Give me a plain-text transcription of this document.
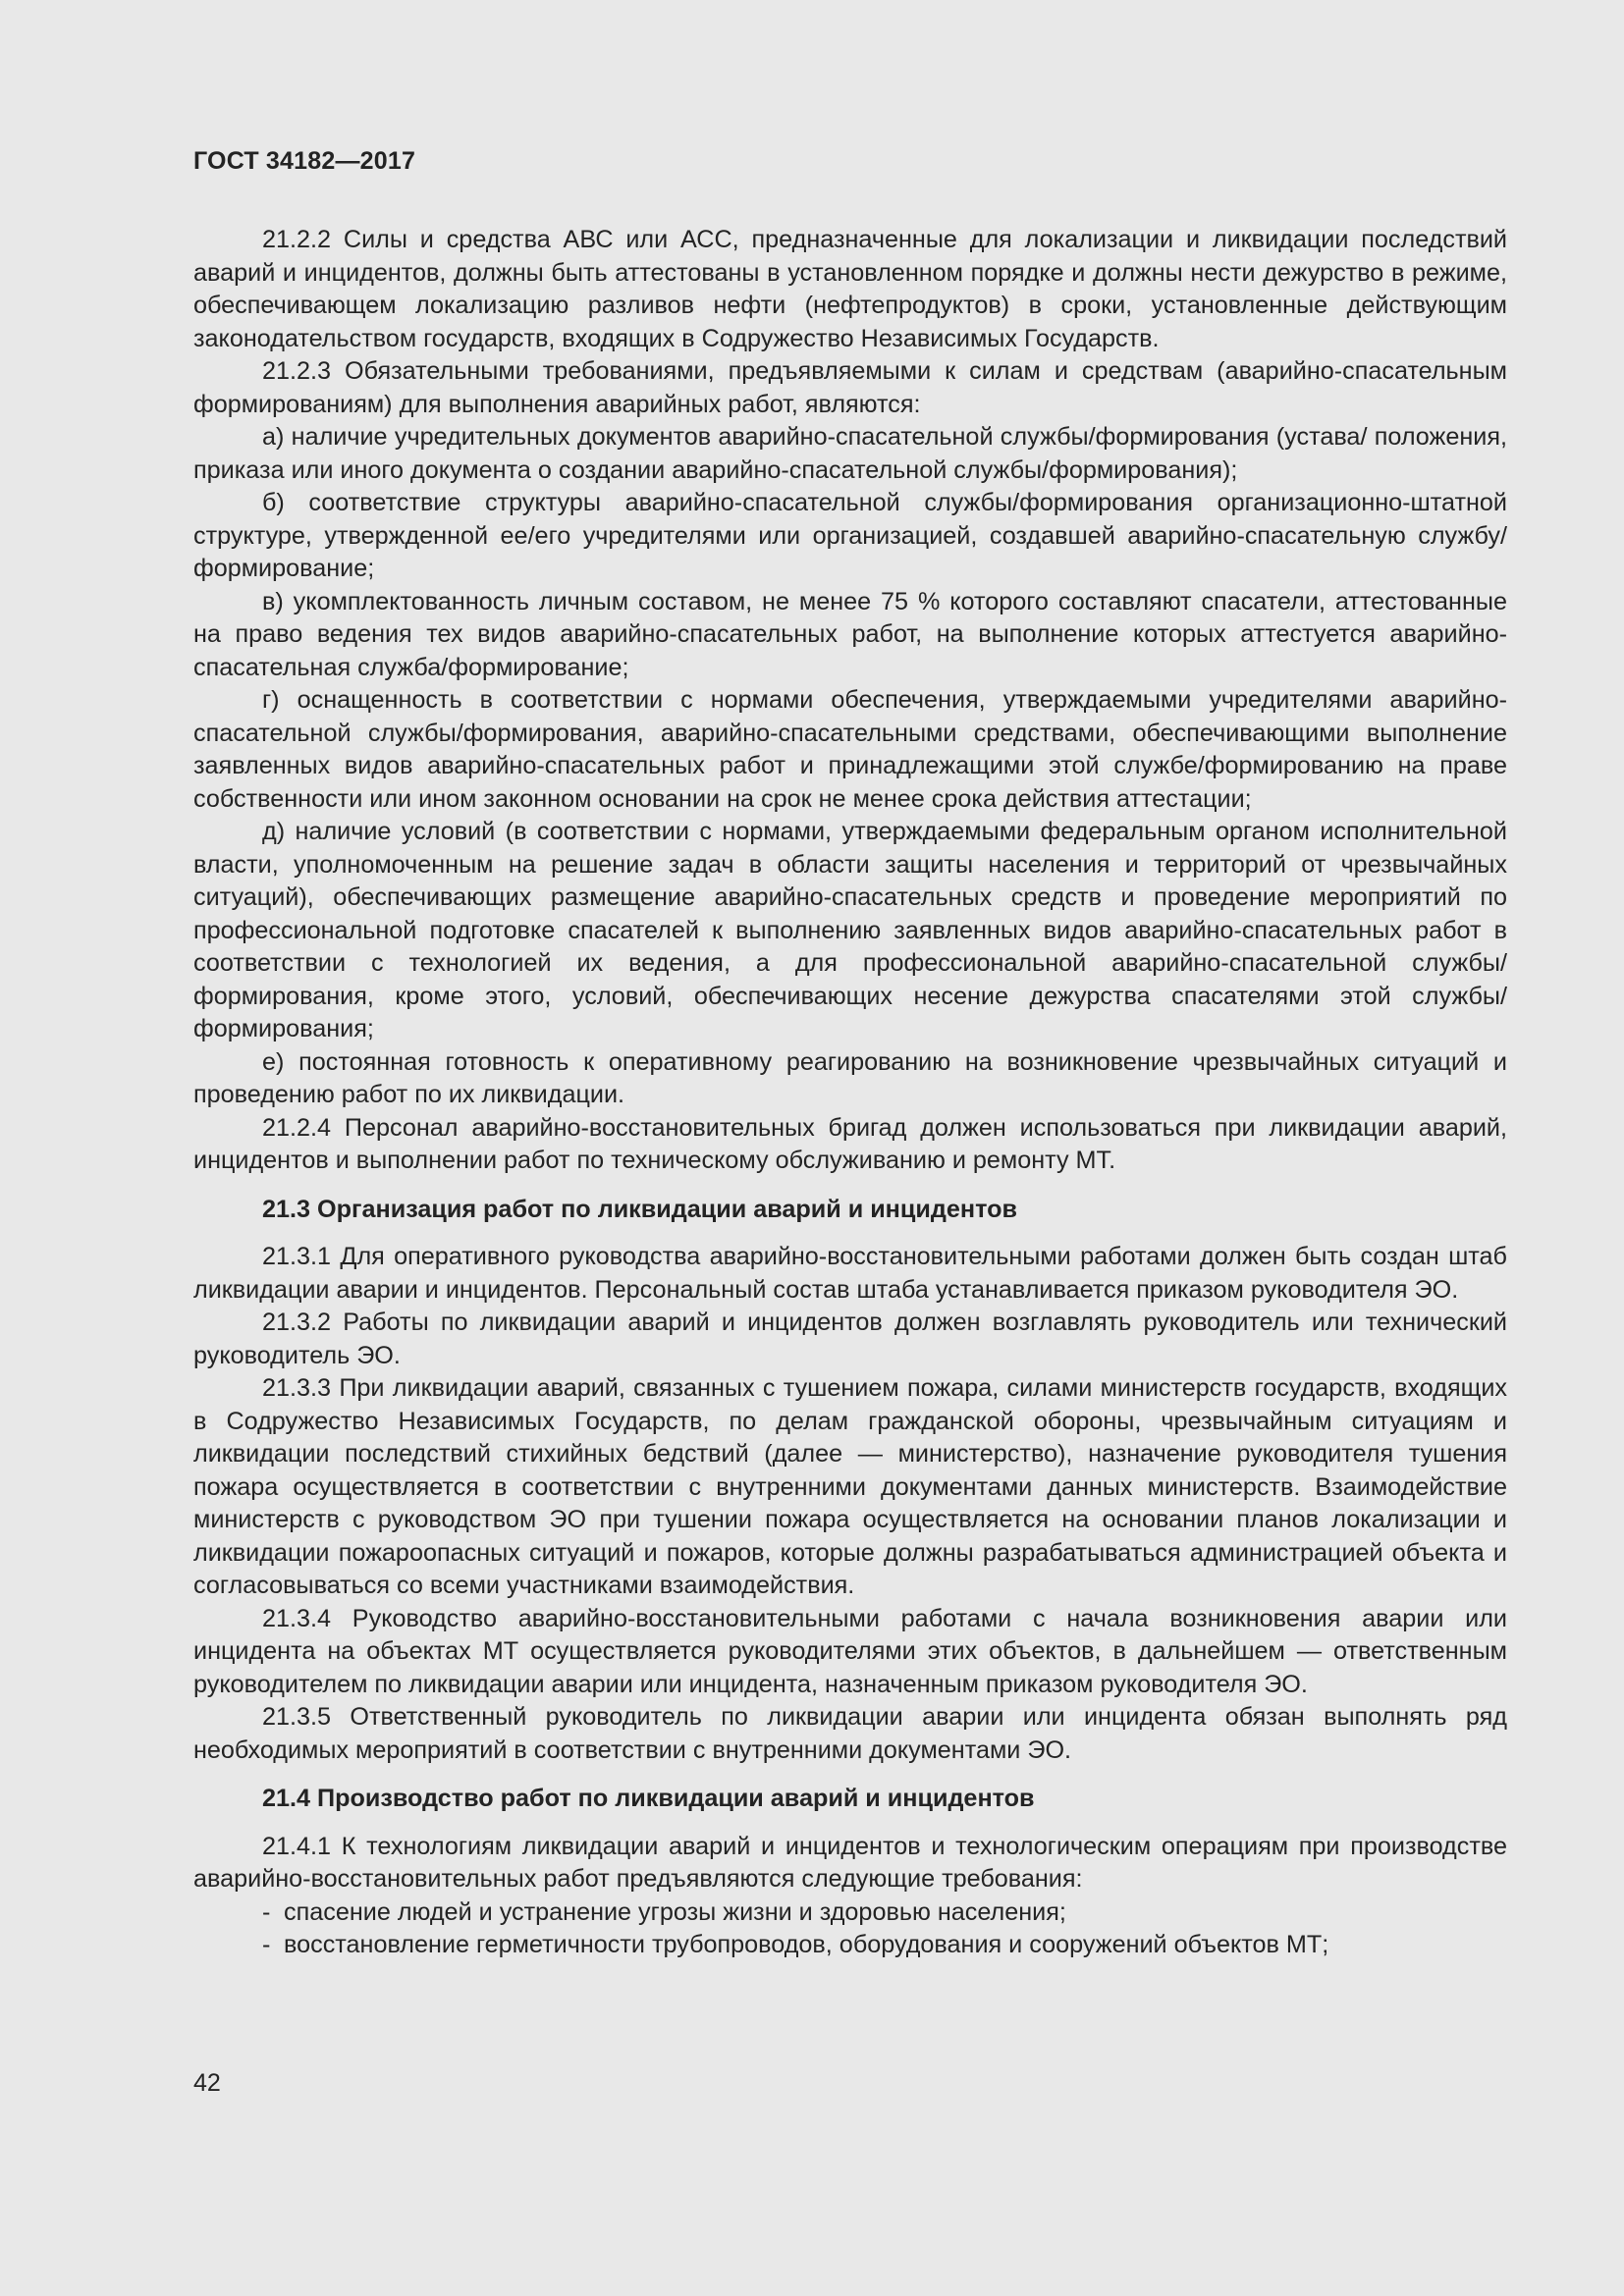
ГОСТ 34182—2017

21.2.2 Силы и средства АВС или АСС, предназначенные для локализации и ликвидации последствий аварий и инцидентов, должны быть аттестованы в установленном порядке и должны нести дежурство в режиме, обеспечивающем локализацию разливов нефти (нефтепродуктов) в сроки, установленные действующим законодательством государств, входящих в Содружество Независимых Государств.

21.2.3 Обязательными требованиями, предъявляемыми к силам и средствам (аварийно-спасательным формированиям) для выполнения аварийных работ, являются:

а) наличие учредительных документов аварийно-спасательной службы/формирования (устава/ положения, приказа или иного документа о создании аварийно-спасательной службы/формирования);

б) соответствие структуры аварийно-спасательной службы/формирования организационно-штатной структуре, утвержденной ее/его учредителями или организацией, создавшей аварийно-спасательную службу/формирование;

в) укомплектованность личным составом, не менее 75 % которого составляют спасатели, аттестованные на право ведения тех видов аварийно-спасательных работ, на выполнение которых аттестуется аварийно-спасательная служба/формирование;

г) оснащенность в соответствии с нормами обеспечения, утверждаемыми учредителями аварийно-спасательной службы/формирования, аварийно-спасательными средствами, обеспечивающими выполнение заявленных видов аварийно-спасательных работ и принадлежащими этой службе/формированию на праве собственности или ином законном основании на срок не менее срока действия аттестации;

д) наличие условий (в соответствии с нормами, утверждаемыми федеральным органом исполнительной власти, уполномоченным на решение задач в области защиты населения и территорий от чрезвычайных ситуаций), обеспечивающих размещение аварийно-спасательных средств и проведение мероприятий по профессиональной подготовке спасателей к выполнению заявленных видов аварийно-спасательных работ в соответствии с технологией их ведения, а для профессиональной аварийно-спасательной службы/формирования, кроме этого, условий, обеспечивающих несение дежурства спасателями этой службы/формирования;

е) постоянная готовность к оперативному реагированию на возникновение чрезвычайных ситуаций и проведению работ по их ликвидации.

21.2.4 Персонал аварийно-восстановительных бригад должен использоваться при ликвидации аварий, инцидентов и выполнении работ по техническому обслуживанию и ремонту МТ.

21.3 Организация работ по ликвидации аварий и инцидентов

21.3.1 Для оперативного руководства аварийно-восстановительными работами должен быть создан штаб ликвидации аварии и инцидентов. Персональный состав штаба устанавливается приказом руководителя ЭО.

21.3.2 Работы по ликвидации аварий и инцидентов должен возглавлять руководитель или технический руководитель ЭО.

21.3.3 При ликвидации аварий, связанных с тушением пожара, силами министерств государств, входящих в Содружество Независимых Государств, по делам гражданской обороны, чрезвычайным ситуациям и ликвидации последствий стихийных бедствий (далее — министерство), назначение руководителя тушения пожара осуществляется в соответствии с внутренними документами данных министерств. Взаимодействие министерств с руководством ЭО при тушении пожара осуществляется на основании планов локализации и ликвидации пожароопасных ситуаций и пожаров, которые должны разрабатываться администрацией объекта и согласовываться со всеми участниками взаимодействия.

21.3.4 Руководство аварийно-восстановительными работами с начала возникновения аварии или инцидента на объектах МТ осуществляется руководителями этих объектов, в дальнейшем — ответственным руководителем по ликвидации аварии или инцидента, назначенным приказом руководителя ЭО.

21.3.5 Ответственный руководитель по ликвидации аварии или инцидента обязан выполнять ряд необходимых мероприятий в соответствии с внутренними документами ЭО.

21.4 Производство работ по ликвидации аварий и инцидентов

21.4.1 К технологиям ликвидации аварий и инцидентов и технологическим операциям при производстве аварийно-восстановительных работ предъявляются следующие требования:

- спасение людей и устранение угрозы жизни и здоровью населения;

- восстановление герметичности трубопроводов, оборудования и сооружений объектов МТ;

42
